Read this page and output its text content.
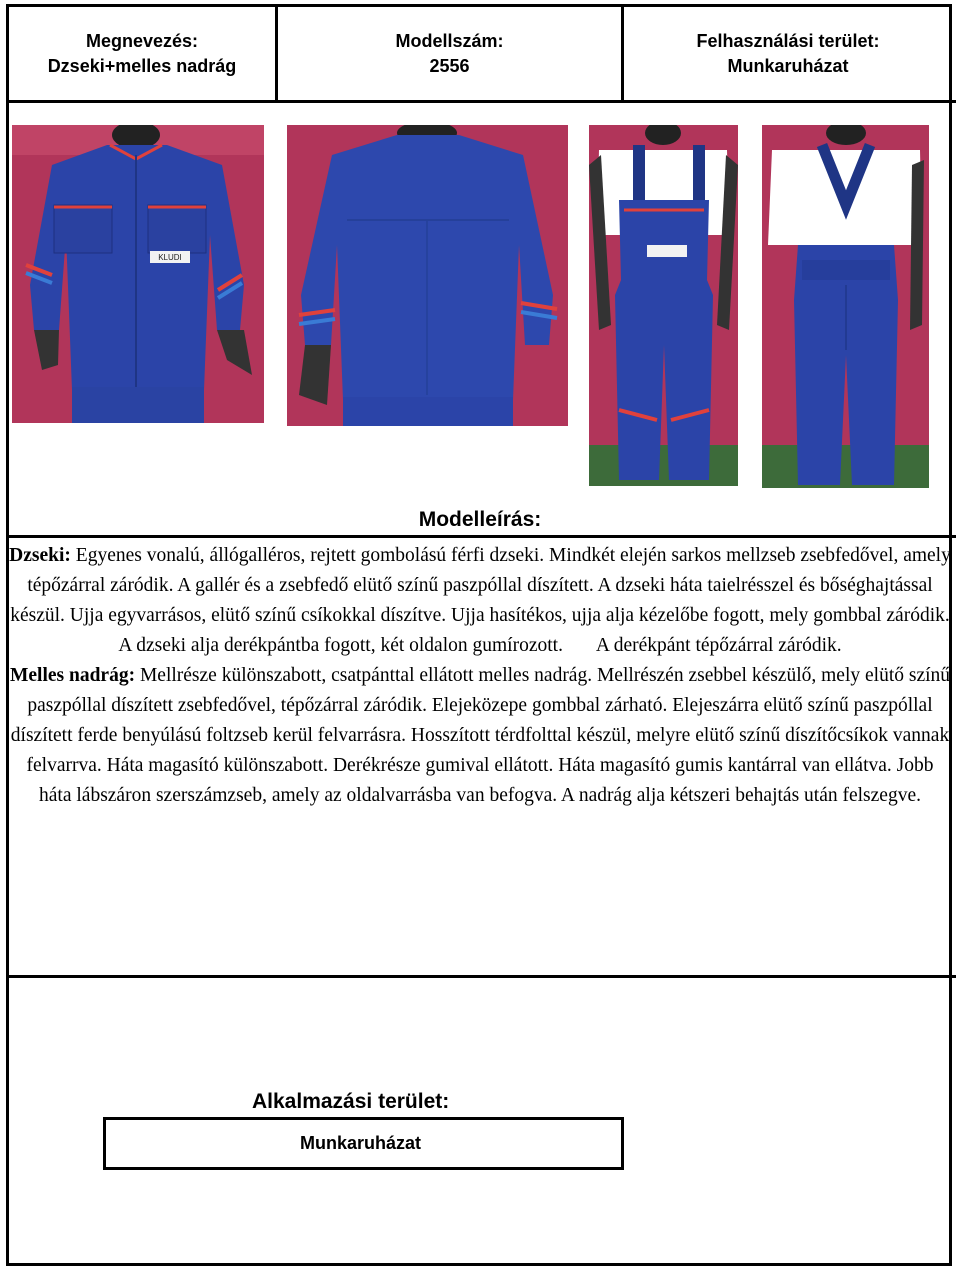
Megnevezés:
Dzseki+melles nadrág
Modellszám:
2556
Felhasználási terület:
Munkaruházat
KLUDI
Modelleírás:
Dzseki: Egyenes vonalú, állógalléros, rejtett gombolású férfi dzseki. Mindkét elején sarkos mellzseb zsebfedővel, amely tépőzárral záródik. A gallér és a zsebfedő elütő színű paszpóllal díszített. A dzseki háta taielrésszel és bőséghajtással készül. Ujja egyvarrásos, elütő színű csíkokkal díszítve. Ujja hasítékos, ujja alja kézelőbe fogott, mely gombbal záródik. A dzseki alja derékpántba fogott, két oldalon gumírozott. A derékpánt tépőzárral záródik.
Melles nadrág: Mellrésze különszabott, csatpánttal ellátott melles nadrág. Mellrészén zsebbel készülő, mely elütő színű paszpóllal díszített zsebfedővel, tépőzárral záródik. Elejeközepe gombbal zárható. Elejeszárra elütő színű paszpóllal díszített ferde benyúlású foltzseb kerül felvarrásra. Hosszított térdfolttal készül, melyre elütő színű díszítőcsíkok vannak felvarrva. Háta magasító különszabott. Derékrésze gumival ellátott. Háta magasító gumis kantárral van ellátva. Jobb háta lábszáron szerszámzseb, amely az oldalvarrásba van befogva. A nadrág alja kétszeri behajtás után felszegve.
Alkalmazási terület:
Munkaruházat
